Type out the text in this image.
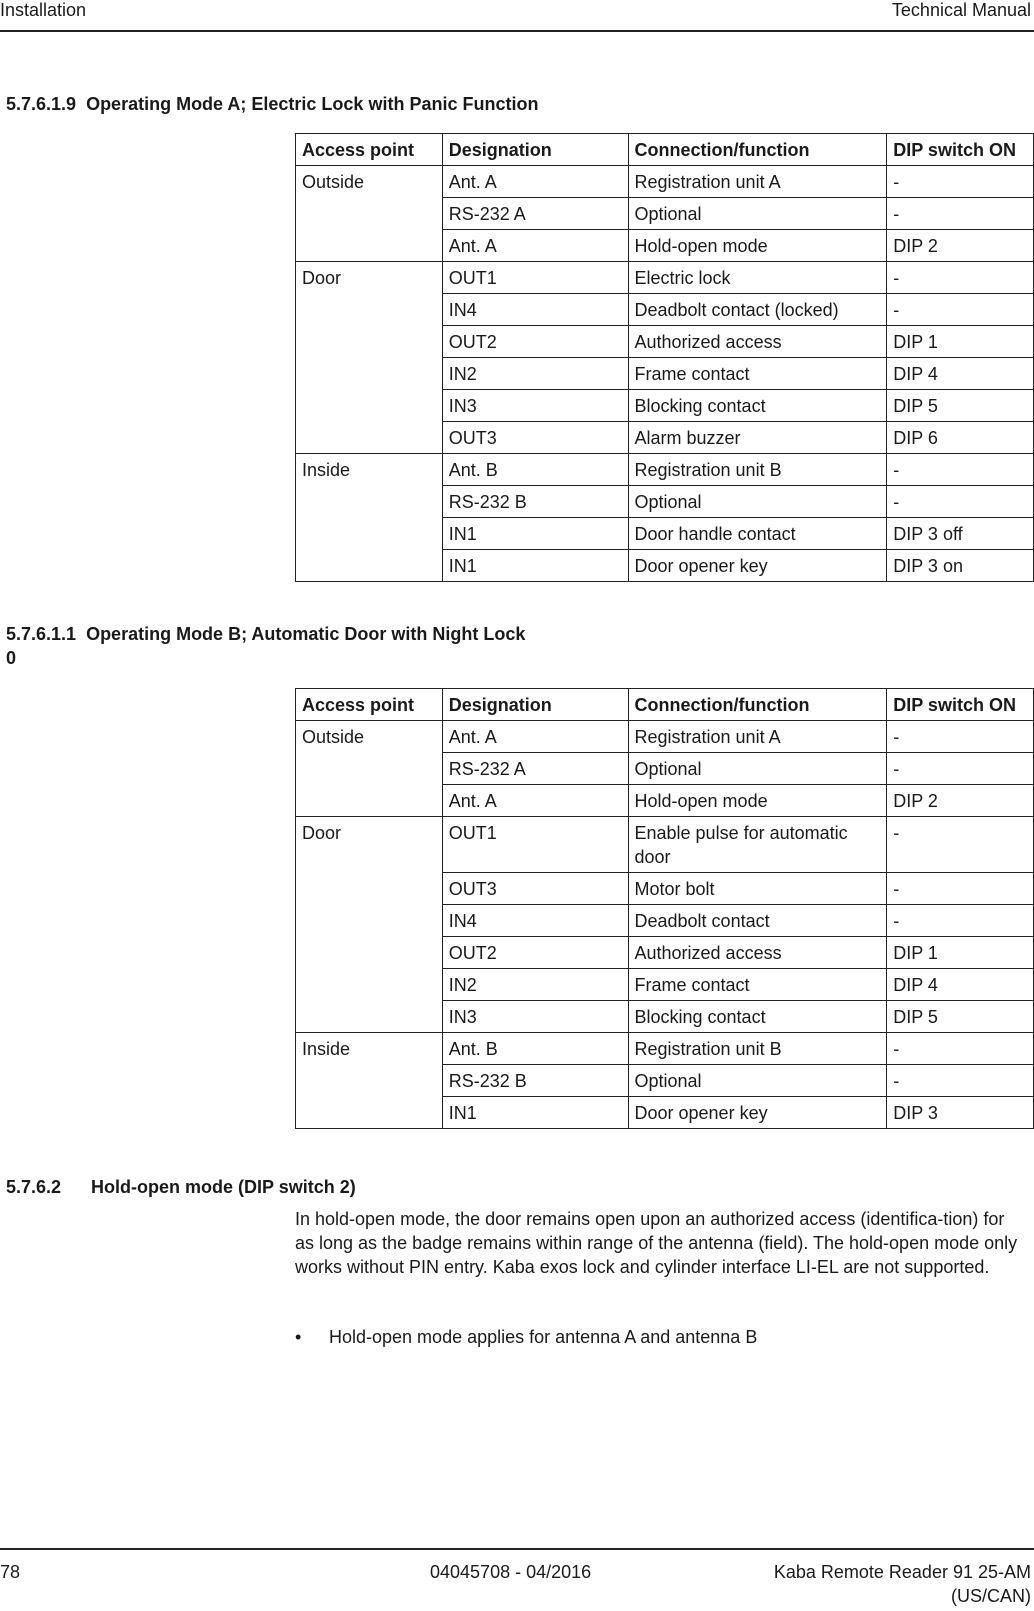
Installation	Technical Manual
5.7.6.1.9 Operating Mode A; Electric Lock with Panic Function
Access point	Designation	Connection/function	DIP switch ON
Outside	Ant. A	Registration unit A	-
	RS-232 A	Optional	-
	Ant. A	Hold-open mode	DIP 2
Door	OUT1	Electric lock	-
	IN4	Deadbolt contact (locked)	-
	OUT2	Authorized access	DIP 1
	IN2	Frame contact	DIP 4
	IN3	Blocking contact	DIP 5
	OUT3	Alarm buzzer	DIP 6
Inside	Ant. B	Registration unit B	-
	RS-232 B	Optional	-
	IN1	Door handle contact	DIP 3 off
	IN1	Door opener key	DIP 3 on
5.7.6.1.1 Operating Mode B; Automatic Door with Night Lock
0
Access point	Designation	Connection/function	DIP switch ON
Outside	Ant. A	Registration unit A	-
	RS-232 A	Optional	-
	Ant. A	Hold-open mode	DIP 2
Door	OUT1	Enable pulse for automatic door	-
	OUT3	Motor bolt	-
	IN4	Deadbolt contact	-
	OUT2	Authorized access	DIP 1
	IN2	Frame contact	DIP 4
	IN3	Blocking contact	DIP 5
Inside	Ant. B	Registration unit B	-
	RS-232 B	Optional	-
	IN1	Door opener key	DIP 3
5.7.6.2 Hold-open mode (DIP switch 2)
In hold-open mode, the door remains open upon an authorized access (identifica-tion) for as long as the badge remains within range of the antenna (field). The hold-open mode only works without PIN entry. Kaba exos lock and cylinder interface LI-EL are not supported.
• Hold-open mode applies for antenna A and antenna B
78	04045708 - 04/2016	Kaba Remote Reader 91 25-AM (US/CAN)
